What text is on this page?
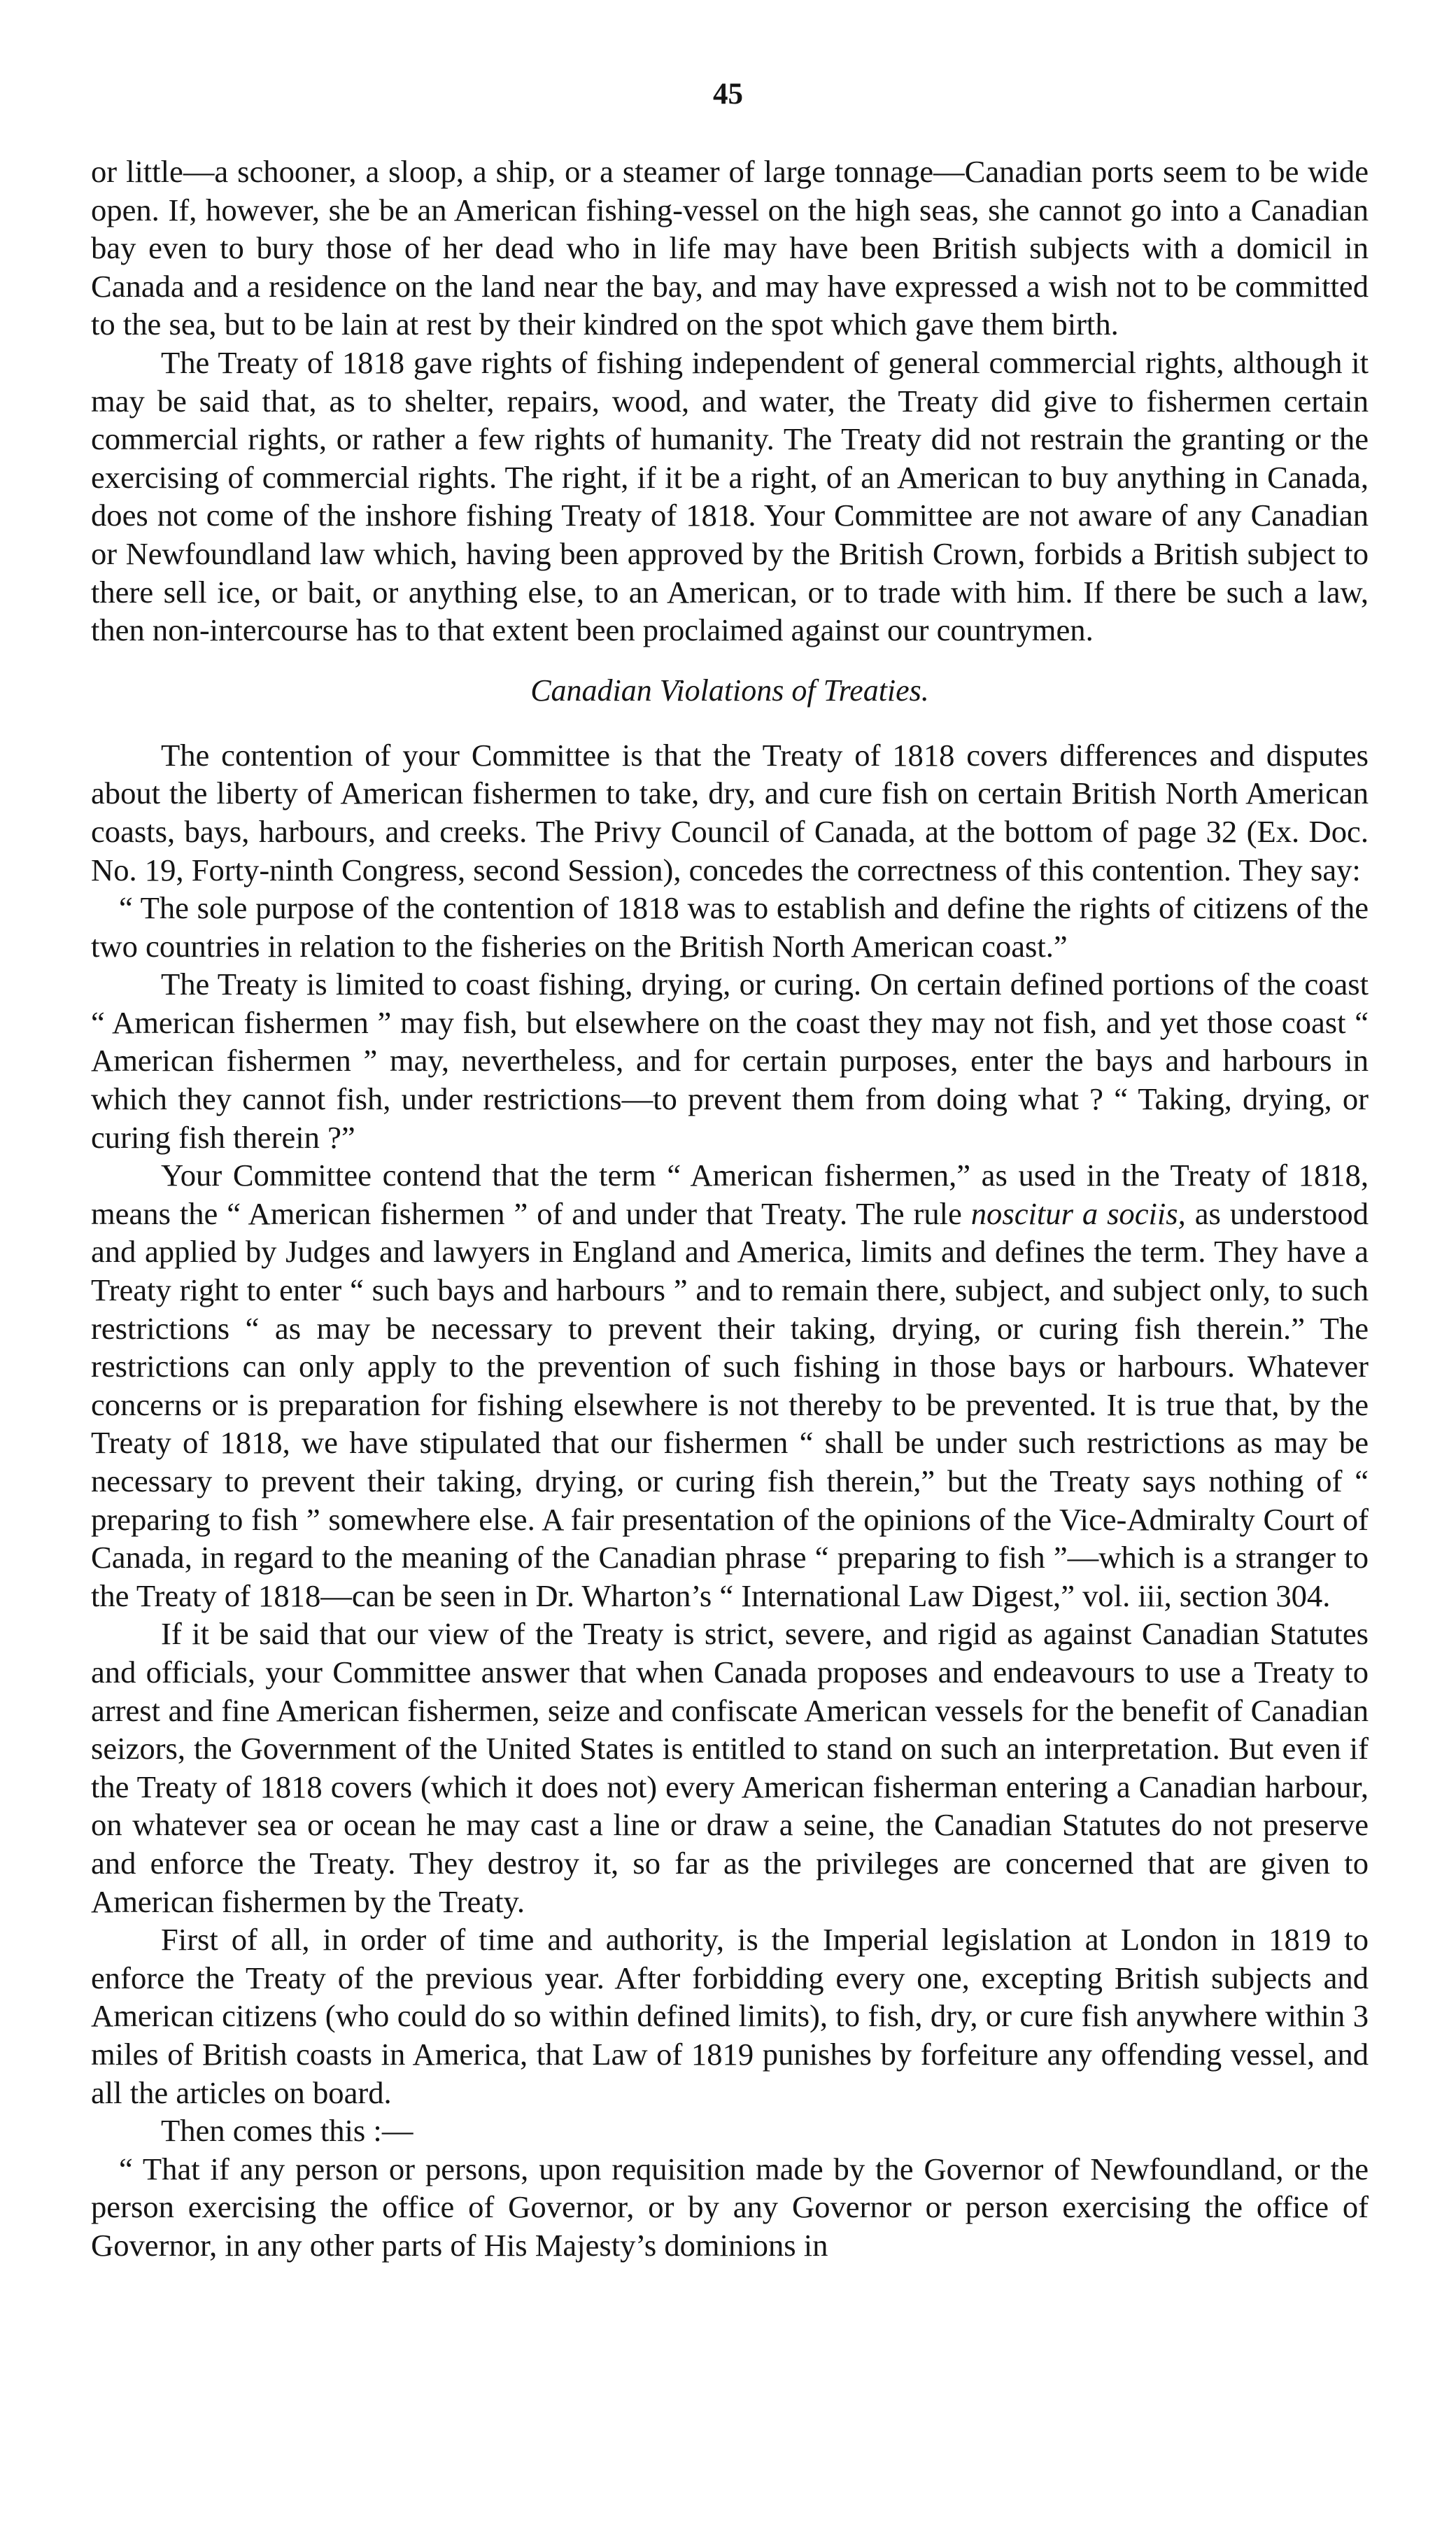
45

or little—a schooner, a sloop, a ship, or a steamer of large tonnage—Canadian ports seem to be wide open. If, however, she be an American fishing-vessel on the high seas, she cannot go into a Canadian bay even to bury those of her dead who in life may have been British subjects with a domicil in Canada and a residence on the land near the bay, and may have expressed a wish not to be committed to the sea, but to be lain at rest by their kindred on the spot which gave them birth.

The Treaty of 1818 gave rights of fishing independent of general commercial rights, although it may be said that, as to shelter, repairs, wood, and water, the Treaty did give to fishermen certain commercial rights, or rather a few rights of humanity. The Treaty did not restrain the granting or the exercising of commercial rights. The right, if it be a right, of an American to buy anything in Canada, does not come of the inshore fishing Treaty of 1818. Your Committee are not aware of any Canadian or Newfoundland law which, having been approved by the British Crown, forbids a British subject to there sell ice, or bait, or anything else, to an American, or to trade with him. If there be such a law, then non-intercourse has to that extent been proclaimed against our countrymen.

Canadian Violations of Treaties.

The contention of your Committee is that the Treaty of 1818 covers differences and disputes about the liberty of American fishermen to take, dry, and cure fish on certain British North American coasts, bays, harbours, and creeks. The Privy Council of Canada, at the bottom of page 32 (Ex. Doc. No. 19, Forty-ninth Congress, second Session), concedes the correctness of this contention. They say:

“ The sole purpose of the contention of 1818 was to establish and define the rights of citizens of the two countries in relation to the fisheries on the British North American coast.”

The Treaty is limited to coast fishing, drying, or curing. On certain defined portions of the coast “ American fishermen ” may fish, but elsewhere on the coast they may not fish, and yet those coast “ American fishermen ” may, nevertheless, and for certain purposes, enter the bays and harbours in which they cannot fish, under restrictions—to prevent them from doing what ? “ Taking, drying, or curing fish therein ?”

Your Committee contend that the term “ American fishermen,” as used in the Treaty of 1818, means the “ American fishermen ” of and under that Treaty. The rule noscitur a sociis, as understood and applied by Judges and lawyers in England and America, limits and defines the term. They have a Treaty right to enter “ such bays and harbours ” and to remain there, subject, and subject only, to such restrictions “ as may be necessary to prevent their taking, drying, or curing fish therein.” The restrictions can only apply to the prevention of such fishing in those bays or harbours. Whatever concerns or is preparation for fishing elsewhere is not thereby to be prevented. It is true that, by the Treaty of 1818, we have stipulated that our fishermen “ shall be under such restrictions as may be necessary to prevent their taking, drying, or curing fish therein,” but the Treaty says nothing of “ preparing to fish ” somewhere else. A fair presentation of the opinions of the Vice-Admiralty Court of Canada, in regard to the meaning of the Canadian phrase “ preparing to fish ”—which is a stranger to the Treaty of 1818—can be seen in Dr. Wharton’s “ International Law Digest,” vol. iii, section 304.

If it be said that our view of the Treaty is strict, severe, and rigid as against Canadian Statutes and officials, your Committee answer that when Canada proposes and endeavours to use a Treaty to arrest and fine American fishermen, seize and confiscate American vessels for the benefit of Canadian seizors, the Government of the United States is entitled to stand on such an interpretation. But even if the Treaty of 1818 covers (which it does not) every American fisherman entering a Canadian harbour, on whatever sea or ocean he may cast a line or draw a seine, the Canadian Statutes do not preserve and enforce the Treaty. They destroy it, so far as the privileges are concerned that are given to American fishermen by the Treaty.

First of all, in order of time and authority, is the Imperial legislation at London in 1819 to enforce the Treaty of the previous year. After forbidding every one, excepting British subjects and American citizens (who could do so within defined limits), to fish, dry, or cure fish anywhere within 3 miles of British coasts in America, that Law of 1819 punishes by forfeiture any offending vessel, and all the articles on board.

Then comes this :—

“ That if any person or persons, upon requisition made by the Governor of Newfoundland, or the person exercising the office of Governor, or by any Governor or person exercising the office of Governor, in any other parts of His Majesty’s dominions in
